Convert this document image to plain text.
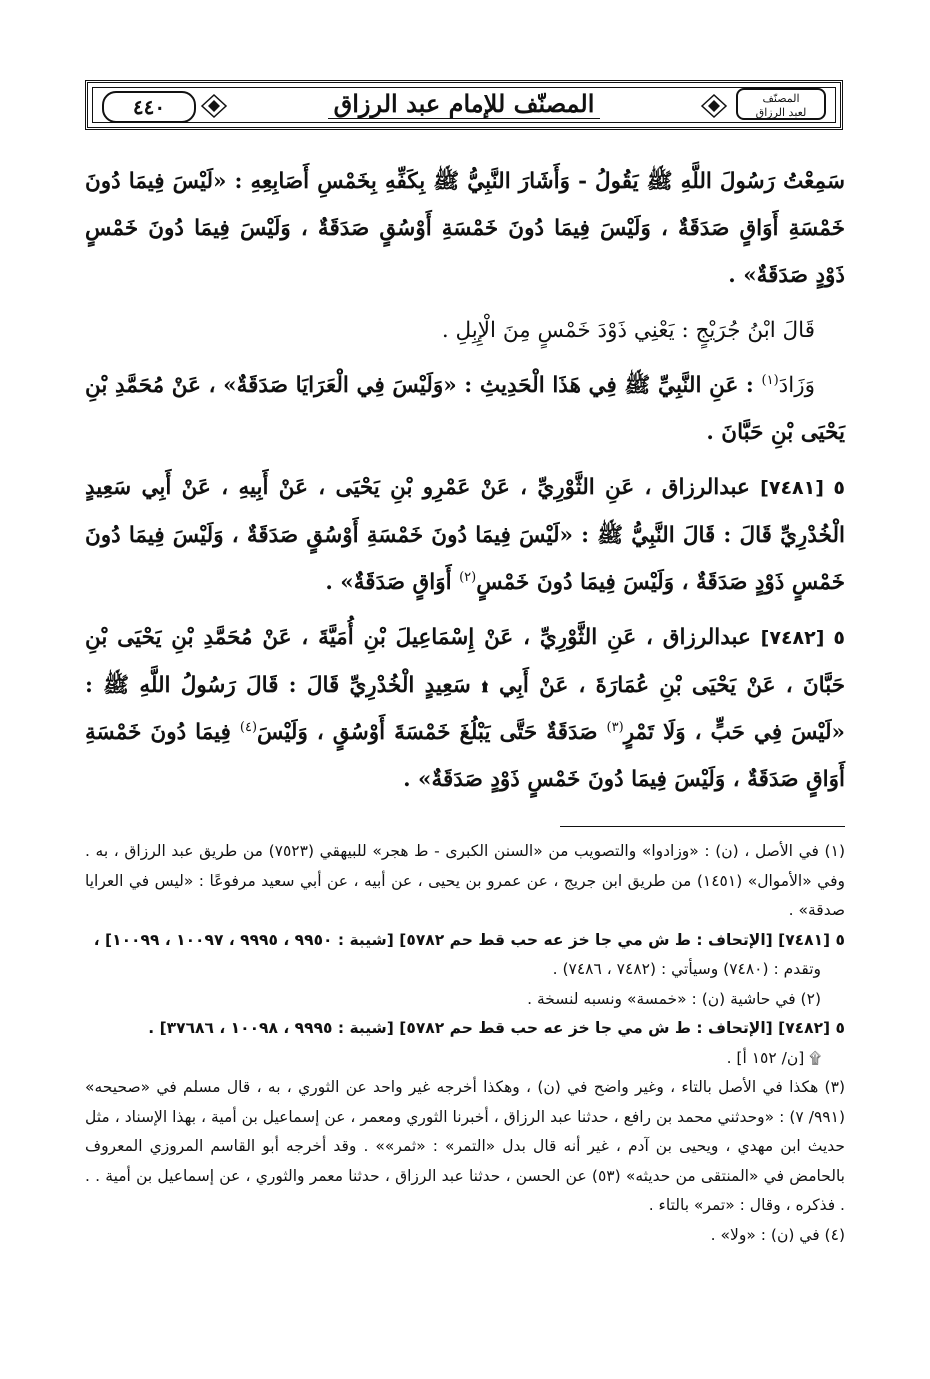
٤٤٠	المصنّف للإمام عبد الرزاق	المصنّف
لعبد الرزاق

سَمِعْتُ رَسُولَ اللَّهِ ﷺ يَقُولُ - وَأَشَارَ النَّبِيُّ ﷺ بِكَفِّهِ بِخَمْسِ أَصَابِعِهِ : «لَيْسَ فِيمَا دُونَ خَمْسَةِ أَوَاقٍ صَدَقَةٌ ، وَلَيْسَ فِيمَا دُونَ خَمْسَةِ أَوْسُقٍ صَدَقَةٌ ، وَلَيْسَ فِيمَا دُونَ خَمْسٍ ذَوْدٍ صَدَقَةٌ» .

قَالَ ابْنُ جُرَيْجٍ : يَعْنِي ذَوْدَ خَمْسٍ مِنَ الْإِبِلِ .

وَزَادَ$^{(١)}$ : عَنِ النَّبِيِّ ﷺ فِي هَذَا الْحَدِيثِ : «وَلَيْسَ فِي الْعَرَايَا صَدَقَةٌ» ، عَنْ مُحَمَّدِ بْنِ يَحْيَى بْنِ حَبَّانَ .

٥ [٧٤٨١] عبدالرزاق ، عَنِ الثَّوْرِيِّ ، عَنْ عَمْرِو بْنِ يَحْيَى ، عَنْ أَبِيهِ ، عَنْ أَبِي سَعِيدٍ الْخُدْرِيِّ قَالَ : قَالَ النَّبِيُّ ﷺ : «لَيْسَ فِيمَا دُونَ خَمْسَةِ أَوْسُقٍ صَدَقَةٌ ، وَلَيْسَ فِيمَا دُونَ خَمْسٍ ذَوْدٍ صَدَقَةٌ ، وَلَيْسَ فِيمَا دُونَ خَمْسٍ$^{(٢)}$ أَوَاقٍ صَدَقَةٌ» .

٥ [٧٤٨٢] عبدالرزاق ، عَنِ الثَّوْرِيِّ ، عَنْ إِسْمَاعِيلَ بْنِ أُمَيَّةَ ، عَنْ مُحَمَّدِ بْنِ يَحْيَى بْنِ حَبَّانَ ، عَنْ يَحْيَى بْنِ عُمَارَةَ ، عَنْ أَبِي ۩ سَعِيدٍ الْخُدْرِيِّ قَالَ : قَالَ رَسُولُ اللَّهِ ﷺ : «لَيْسَ فِي حَبٍّ ، وَلَا تَمْرٍ$^{(٣)}$ صَدَقَةٌ حَتَّى يَبْلُغَ خَمْسَةَ أَوْسُقٍ ، وَلَيْسَ$^{(٤)}$ فِيمَا دُونَ خَمْسَةِ أَوَاقٍ صَدَقَةٌ ، وَلَيْسَ فِيمَا دُونَ خَمْسٍ ذَوْدٍ صَدَقَةٌ» .

(١) في الأصل ، (ن) : «وزادوا» والتصويب من «السنن الكبرى - ط هجر» للبيهقي (٧٥٢٣) من طريق عبد الرزاق ، به . وفي «الأموال» (١٤٥١) من طريق ابن جريج ، عن عمرو بن يحيى ، عن أبيه ، عن أبي سعيد مرفوعًا : «ليس في العرايا صدقة» .

٥ [٧٤٨١] [الإتحاف : ط ش مي جا خز عه حب قط حم ٥٧٨٢] [شيبة : ٩٩٥٠ ، ٩٩٩٥ ، ١٠٠٩٧ ، ١٠٠٩٩] ،

وتقدم : (٧٤٨٠) وسيأتي : (٧٤٨٢ ، ٧٤٨٦) .

(٢) في حاشية (ن) : «خمسة» ونسبه لنسخة .

٥ [٧٤٨٢] [الإتحاف : ط ش مي جا خز عه حب قط حم ٥٧٨٢] [شيبة : ٩٩٩٥ ، ١٠٠٩٨ ، ٣٧٦٨٦] .

۩ [ن/ ١٥٢ أ] .

(٣) هكذا في الأصل بالتاء ، وغير واضح في (ن) ، وهكذا أخرجه غير واحد عن الثوري ، به ، قال مسلم في «صحيحه» (٩٩١/ ٧) : «وحدثني محمد بن رافع ، حدثنا عبد الرزاق ، أخبرنا الثوري ومعمر ، عن إسماعيل بن أمية ، بهذا الإسناد ، مثل حديث ابن مهدي ، ويحيى بن آدم ، غير أنه قال بدل «التمر» : «ثمر»» . وقد أخرجه أبو القاسم المروزي المعروف بالحامض في «المنتقى من حديثه» (٥٣) عن الحسن ، حدثنا عبد الرزاق ، حدثنا معمر والثوري ، عن إسماعيل بن أمية . . . فذكره ، وقال : «تمر» بالتاء .

(٤) في (ن) : «ولا» .
